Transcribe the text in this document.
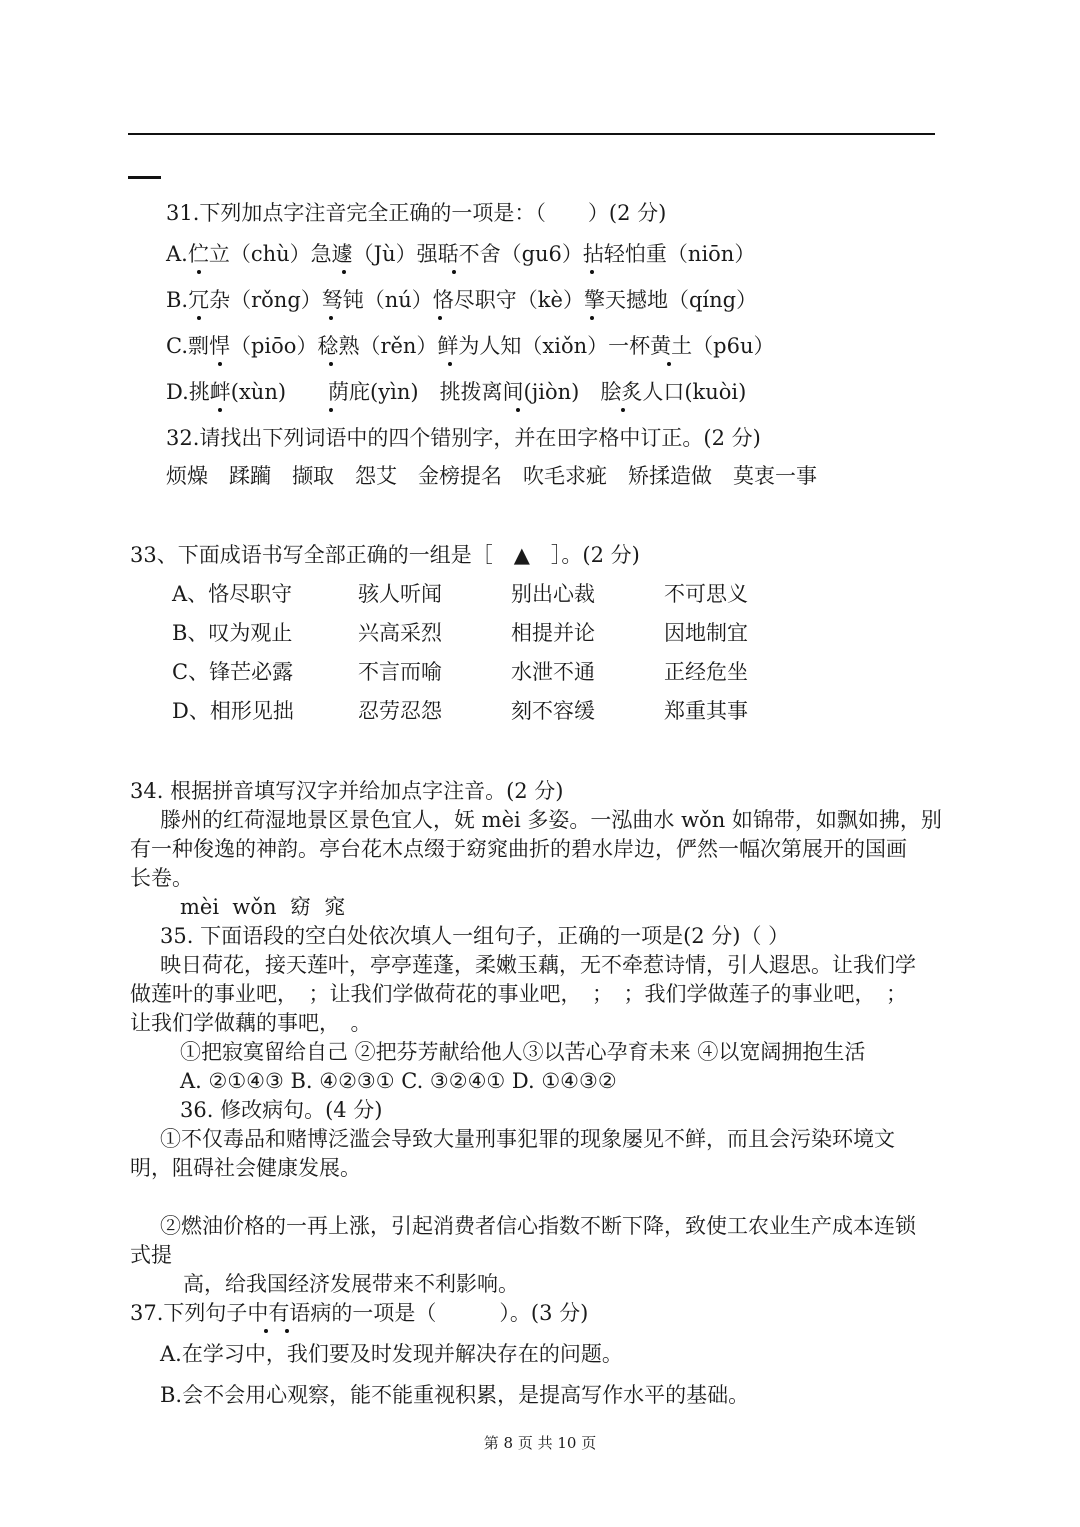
31.下列加点字注音完全正确的一项是：（　　）(2 分)
A.伫立（chù）急遽（Jù）强聒不舍（gu6）拈轻怕重（niōn）
B.冗杂（rǒng）驽钝（nú）恪尽职守（kè）擎天撼地（qíng）
C.剽悍（piōo）稔熟（rěn）鲜为人知（xiǒn）一杯黄土（p6u）
D.挑衅(xùn)　　荫庇(yìn)　挑拨离间(jiòn)　脍炙人口(kuòi)
32.请找出下列词语中的四个错别字，并在田字格中订正。(2 分)
烦燥　蹂躏　撷取　怨艾　金榜提名　吹毛求疵　矫揉造做　莫衷一事
33、下面成语书写全部正确的一组是［　▲　］。(2 分)
A、恪尽职守	骇人听闻	别出心裁	不可思义
B、叹为观止	兴高采烈	相提并论	因地制宜
C、锋芒必露	不言而喻	水泄不通	正经危坐
D、相形见拙	忍劳忍怨	刻不容缓	郑重其事
34. 根据拼音填写汉字并给加点字注音。(2 分)
滕州的红荷湿地景区景色宜人，妩 mèi 多姿。一泓曲水 wǒn 如锦带，如飘如拂，别
有一种俊逸的神韵。亭台花木点缀于窈窕曲折的碧水岸边，俨然一幅次第展开的国画
长卷。
mèi  wǒn  窈  窕
35. 下面语段的空白处依次填人一组句子，正确的一项是(2 分)（ ）
映日荷花，接天莲叶，亭亭莲蓬，柔嫩玉藕，无不牵惹诗情，引人遐思。让我们学
做莲叶的事业吧，　；让我们学做荷花的事业吧，　；　；我们学做莲子的事业吧，　；
让我们学做藕的事吧，　。
①把寂寞留给自己 ②把芬芳献给他人③以苦心孕育未来 ④以宽阔拥抱生活
A. ②①④③ B. ④②③① C. ③②④① D. ①④③②
36. 修改病句。(4 分)
①不仅毒品和赌博泛滥会导致大量刑事犯罪的现象屡见不鲜，而且会污染环境文
明，阻碍社会健康发展。
②燃油价格的一再上涨，引起消费者信心指数不断下降，致使工农业生产成本连锁
式提
高，给我国经济发展带来不利影响。
37.下列句子中有语病的一项是（　　　）。(3 分)
A.在学习中，我们要及时发现并解决存在的问题。
B.会不会用心观察，能不能重视积累，是提高写作水平的基础。
第 8 页 共 10 页
